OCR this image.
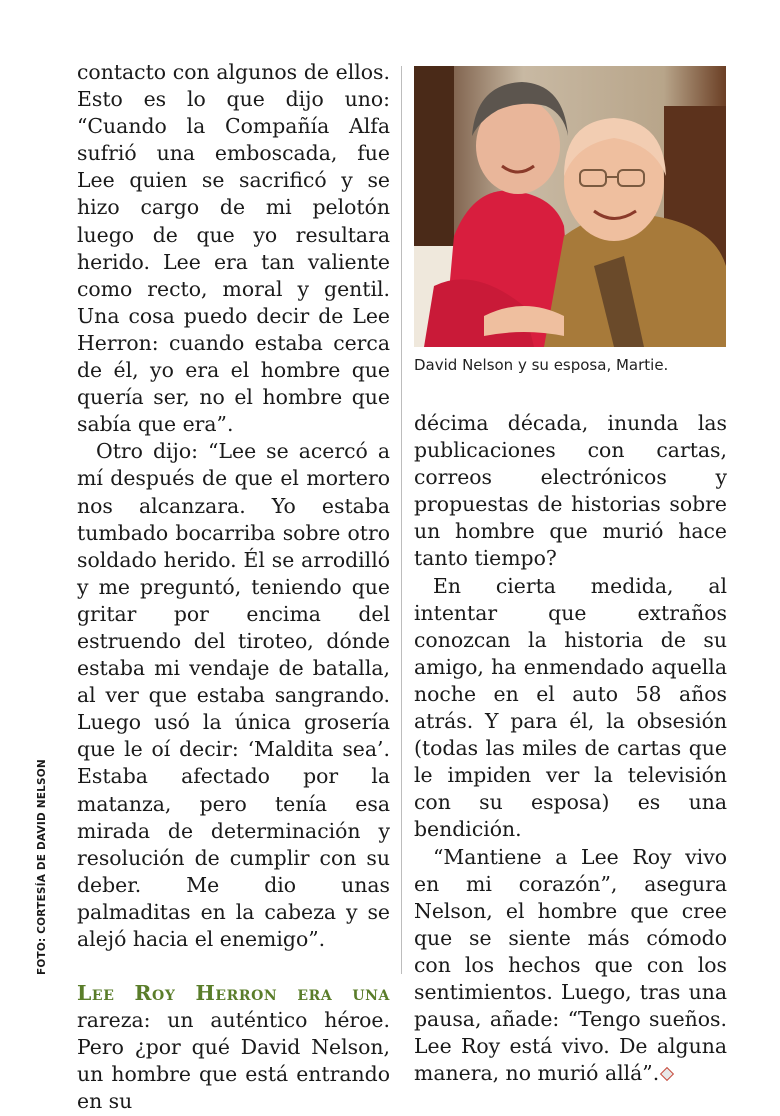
FOTO: CORTESÍA DE DAVID NELSON

contacto con algunos de ellos. Esto es lo que dijo uno: “Cuando la Compañía Alfa sufrió una emboscada, fue Lee quien se sacrificó y se hizo cargo de mi pelotón luego de que yo resultara herido. Lee era tan valiente como recto, moral y gentil. Una cosa puedo decir de Lee Herron: cuando estaba cerca de él, yo era el hombre que quería ser, no el hombre que sabía que era”.

Otro dijo: “Lee se acercó a mí después de que el mortero nos alcanzara. Yo estaba tumbado bocarriba sobre otro soldado herido. Él se arrodilló y me preguntó, teniendo que gritar por encima del estruendo del tiroteo, dónde estaba mi vendaje de batalla, al ver que estaba sangrando. Luego usó la única grosería que le oí decir: ‘Maldita sea’. Estaba afectado por la matanza, pero tenía esa mirada de determinación y resolución de cumplir con su deber. Me dio unas palmaditas en la cabeza y se alejó hacia el enemigo”.

Lee Roy Herron era una rareza: un auténtico héroe. Pero ¿por qué David Nelson, un hombre que está entrando en su

David Nelson y su esposa, Martie.

décima década, inunda las publicaciones con cartas, correos electrónicos y propuestas de historias sobre un hombre que murió hace tanto tiempo?

En cierta medida, al intentar que extraños conozcan la historia de su amigo, ha enmendado aquella noche en el auto 58 años atrás. Y para él, la obsesión (todas las miles de cartas que le impiden ver la televisión con su esposa) es una bendición.

“Mantiene a Lee Roy vivo en mi corazón”, asegura Nelson, el hombre que cree que se siente más cómodo con los hechos que con los sentimientos. Luego, tras una pausa, añade: “Tengo sueños. Lee Roy está vivo. De alguna manera, no murió allá”.
